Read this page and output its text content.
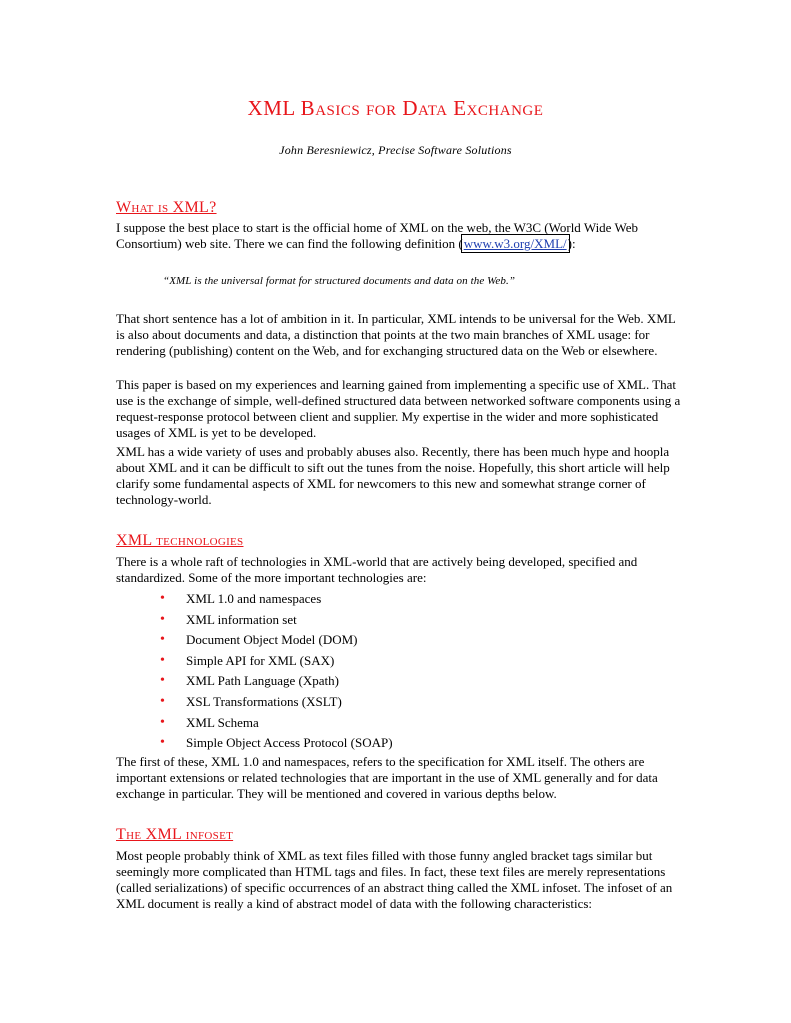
XML Basics for Data Exchange
John Beresniewicz, Precise Software Solutions
What is XML?

I suppose the best place to start is the official home of XML on the web, the W3C (World Wide Web Consortium) web site. There we can find the following definition (www.w3.org/XML/):

“XML is the universal format for structured documents and data on the Web.”

That short sentence has a lot of ambition in it. In particular, XML intends to be universal for the Web. XML is also about documents and data, a distinction that points at the two main branches of XML usage: for rendering (publishing) content on the Web, and for exchanging structured data on the Web or elsewhere.

This paper is based on my experiences and learning gained from implementing a specific use of XML. That use is the exchange of simple, well-defined structured data between networked software components using a request-response protocol between client and supplier. My expertise in the wider and more sophisticated usages of XML is yet to be developed.

XML has a wide variety of uses and probably abuses also. Recently, there has been much hype and hoopla about XML and it can be difficult to sift out the tunes from the noise. Hopefully, this short article will help clarify some fundamental aspects of XML for newcomers to this new and somewhat strange corner of technology-world.

XML technologies

There is a whole raft of technologies in XML-world that are actively being developed, specified and standardized. Some of the more important technologies are:

•	XML 1.0 and namespaces
•	XML information set
•	Document Object Model (DOM)
•	Simple API for XML (SAX)
•	XML Path Language (Xpath)
•	XSL Transformations (XSLT)
•	XML Schema
•	Simple Object Access Protocol (SOAP)

The first of these, XML 1.0 and namespaces, refers to the specification for XML itself. The others are important extensions or related technologies that are important in the use of XML generally and for data exchange in particular. They will be mentioned and covered in various depths below.

The XML infoset

Most people probably think of XML as text files filled with those funny angled bracket tags similar but seemingly more complicated than HTML tags and files. In fact, these text files are merely representations (called serializations) of specific occurrences of an abstract thing called the XML infoset. The infoset of an XML document is really a kind of abstract model of data with the following characteristics:
